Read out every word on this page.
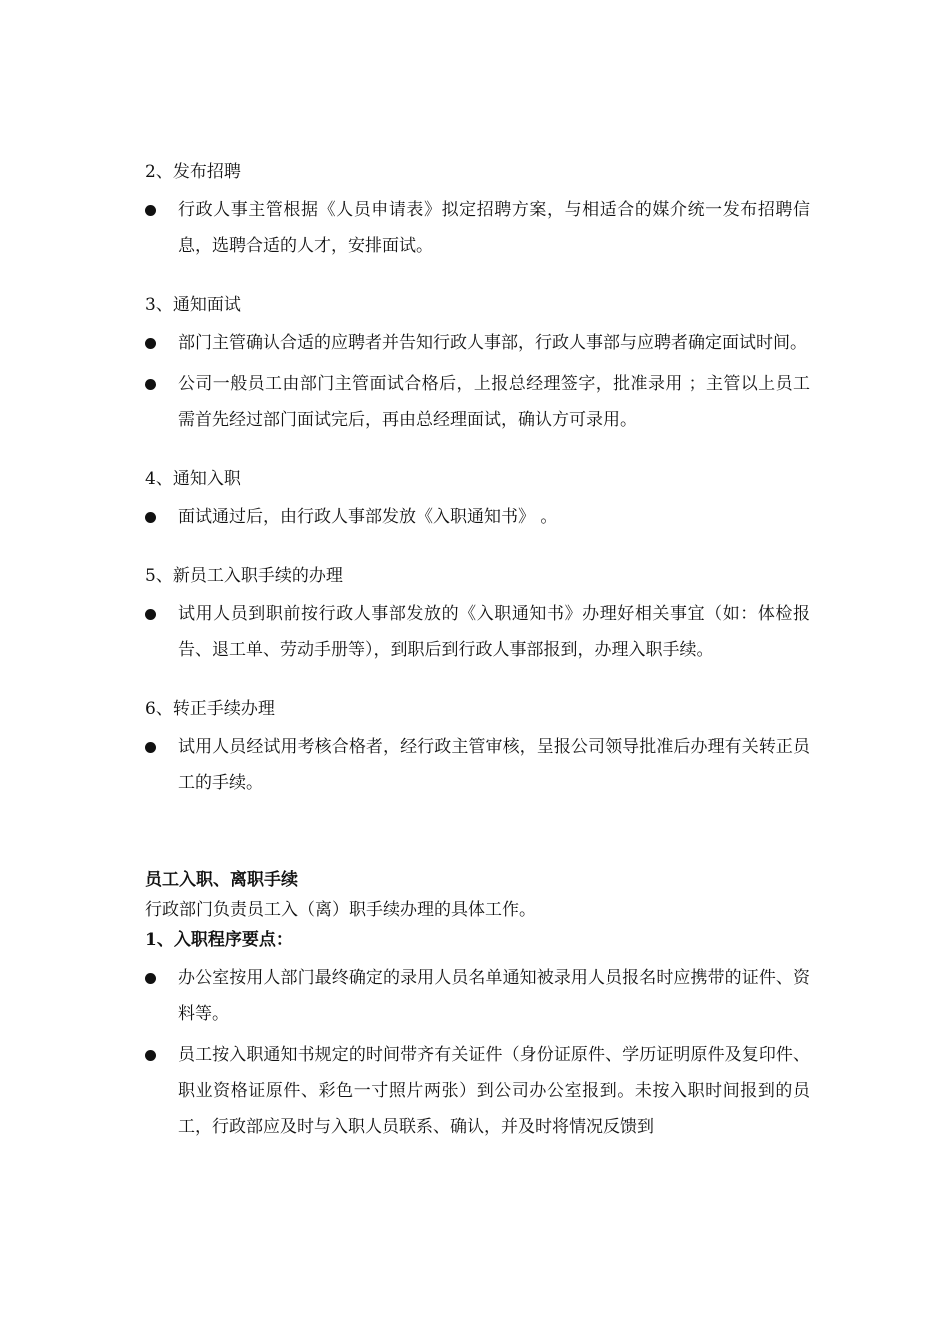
2、发布招聘
行政人事主管根据《人员申请表》拟定招聘方案，与相适合的媒介统一发布招聘信息，选聘合适的人才，安排面试。
3、通知面试
部门主管确认合适的应聘者并告知行政人事部，行政人事部与应聘者确定面试时间。
公司一般员工由部门主管面试合格后，上报总经理签字，批准录用 ；主管以上员工需首先经过部门面试完后，再由总经理面试，确认方可录用。
4、通知入职
面试通过后，由行政人事部发放《入职通知书》 。
5、新员工入职手续的办理
试用人员到职前按行政人事部发放的《入职通知书》办理好相关事宜（如：体检报告、退工单、劳动手册等），到职后到行政人事部报到，办理入职手续。
6、转正手续办理
试用人员经试用考核合格者，经行政主管审核，呈报公司领导批准后办理有关转正员工的手续。
员工入职、离职手续
行政部门负责员工入（离）职手续办理的具体工作。
1、入职程序要点：
办公室按用人部门最终确定的录用人员名单通知被录用人员报名时应携带的证件、资料等。
员工按入职通知书规定的时间带齐有关证件（身份证原件、学历证明原件及复印件、职业资格证原件、彩色一寸照片两张）到公司办公室报到。未按入职时间报到的员工，行政部应及时与入职人员联系、确认，并及时将情况反馈到
